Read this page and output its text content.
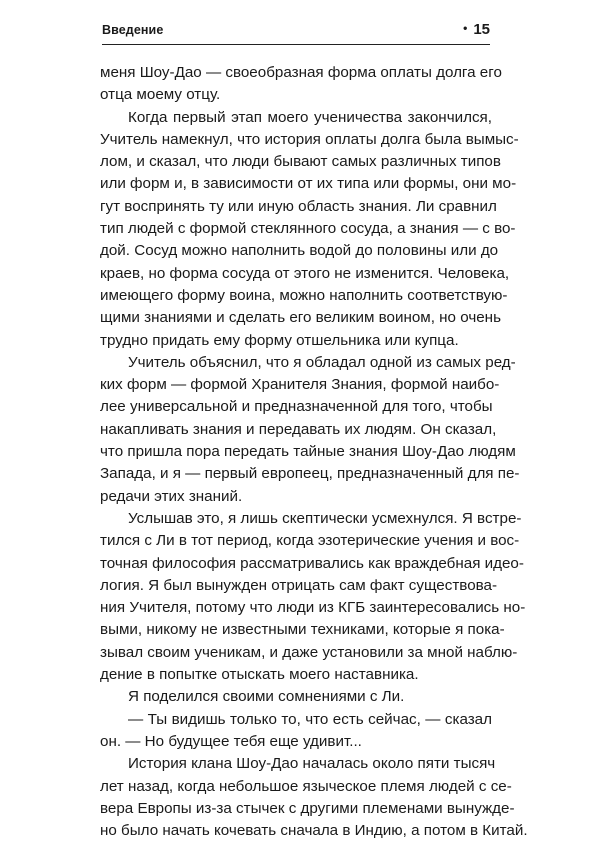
Введение	• 15
меня Шоу-Дао — своеобразная форма оплаты долга его
отца моему отцу.
Когда первый этап моего ученичества закончился,
Учитель намекнул, что история оплаты долга была вымыс-
лом, и сказал, что люди бывают самых различных типов
или форм и, в зависимости от их типа или формы, они мо-
гут воспринять ту или иную область знания. Ли сравнил
тип людей с формой стеклянного сосуда, а знания — с во-
дой. Сосуд можно наполнить водой до половины или до
краев, но форма сосуда от этого не изменится. Человека,
имеющего форму воина, можно наполнить соответствую-
щими знаниями и сделать его великим воином, но очень
трудно придать ему форму отшельника или купца.
Учитель объяснил, что я обладал одной из самых ред-
ких форм — формой Хранителя Знания, формой наибо-
лее универсальной и предназначенной для того, чтобы
накапливать знания и передавать их людям. Он сказал,
что пришла пора передать тайные знания Шоу-Дао людям
Запада, и я — первый европеец, предназначенный для пе-
редачи этих знаний.
Услышав это, я лишь скептически усмехнулся. Я встре-
тился с Ли в тот период, когда эзотерические учения и вос-
точная философия рассматривались как враждебная идео-
логия. Я был вынужден отрицать сам факт существова-
ния Учителя, потому что люди из КГБ заинтересовались но-
выми, никому не известными техниками, которые я пока-
зывал своим ученикам, и даже установили за мной наблю-
дение в попытке отыскать моего наставника.
Я поделился своими сомнениями с Ли.
— Ты видишь только то, что есть сейчас, — сказал
он. — Но будущее тебя еще удивит...
История клана Шоу-Дао началась около пяти тысяч
лет назад, когда небольшое языческое племя людей с се-
вера Европы из-за стычек с другими племенами вынужде-
но было начать кочевать сначала в Индию, а потом в Китай.
